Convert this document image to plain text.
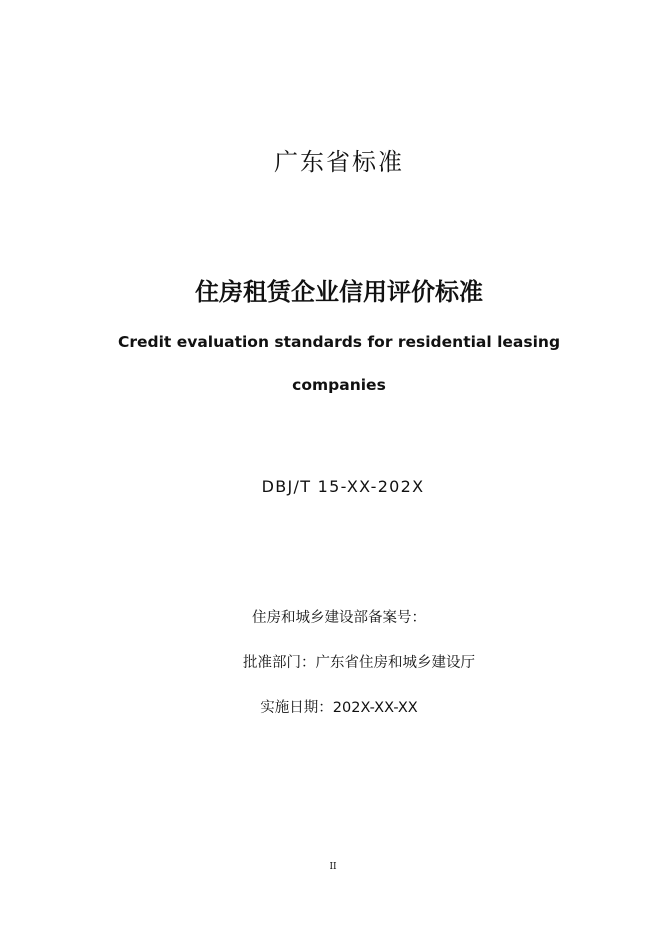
广东省标准
住房租赁企业信用评价标准
Credit evaluation standards for residential leasing
companies
DBJ/T 15-XX-202X
住房和城乡建设部备案号：
批准部门：广东省住房和城乡建设厅
实施日期：202X-XX-XX
II
